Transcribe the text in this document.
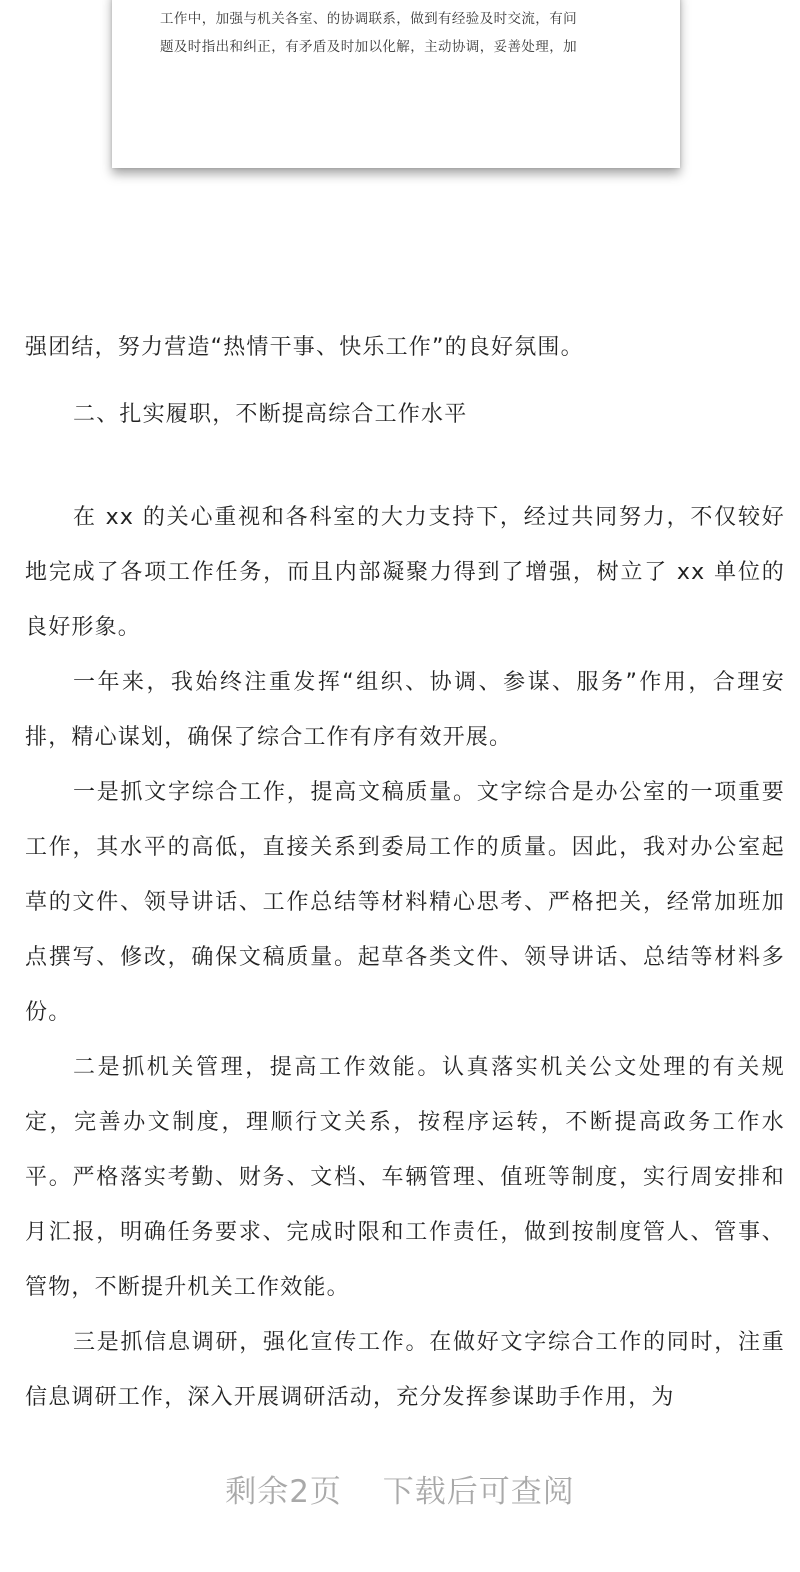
工作中，加强与机关各室、的协调联系，做到有经验及时交流，有问
题及时指出和纠正，有矛盾及时加以化解，主动协调，妥善处理，加

强团结，努力营造“热情干事、快乐工作”的良好氛围。

二、扎实履职，不断提高综合工作水平

在 xx 的关心重视和各科室的大力支持下，经过共同努力，不仅较好地完成了各项工作任务，而且内部凝聚力得到了增强，树立了 xx 单位的良好形象。

一年来，我始终注重发挥“组织、协调、参谋、服务”作用，合理安排，精心谋划，确保了综合工作有序有效开展。

一是抓文字综合工作，提高文稿质量。文字综合是办公室的一项重要工作，其水平的高低，直接关系到委局工作的质量。因此，我对办公室起草的文件、领导讲话、工作总结等材料精心思考、严格把关，经常加班加点撰写、修改，确保文稿质量。起草各类文件、领导讲话、总结等材料多份。

二是抓机关管理，提高工作效能。认真落实机关公文处理的有关规定，完善办文制度，理顺行文关系，按程序运转，不断提高政务工作水平。严格落实考勤、财务、文档、车辆管理、值班等制度，实行周安排和月汇报，明确任务要求、完成时限和工作责任，做到按制度管人、管事、管物，不断提升机关工作效能。

三是抓信息调研，强化宣传工作。在做好文字综合工作的同时，注重信息调研工作，深入开展调研活动，充分发挥参谋助手作用，为

剩余2页 下载后可查阅
